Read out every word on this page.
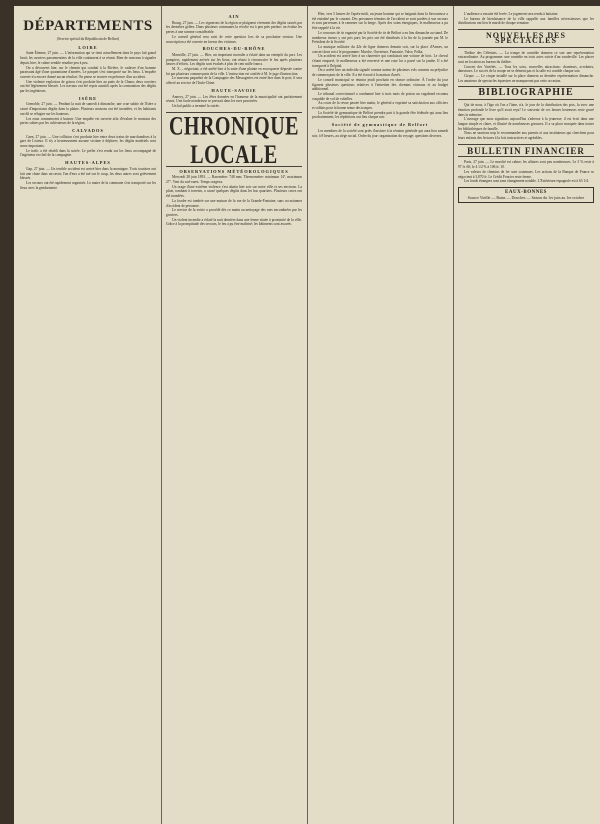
DÉPARTEMENTS
(Service spécial du Républicain de Belfort)
LOIRE

Saint-Étienne, 27 juin. — L'information qui se tient actuellement dans le pays fait grand bruit; les ouvriers passementiers de la ville continuent à se réunir. Rien de nouveau à signaler depuis hier; le calme semble renaître peu à peu.

On a découvert hier, sur le chemin qui conduit à la Rivière, le cadavre d'un homme paraissant âgé d'une quarantaine d'années. Le parquet s'est transporté sur les lieux. L'enquête ouverte n'a encore donné aucun résultat. On pense se trouver en présence d'un accident.

Une violente explosion de grisou s'est produite hier au puits de la Chana; deux ouvriers ont été légèrement blessés. Les travaux ont été repris aussitôt après la constatation des dégâts par les ingénieurs.

ISÈRE

Grenoble, 27 juin. — Pendant la nuit de samedi à dimanche, une crue subite de l'Isère a causé d'importants dégâts dans la plaine. Plusieurs maisons ont été inondées, et les habitants ont dû se réfugier sur les hauteurs.

Les eaux commencent à baisser. Une enquête est ouverte afin d'évaluer le montant des pertes subies par les cultivateurs de la région.

CALVADOS

Caen, 27 juin. — Une collision s'est produite hier entre deux trains de marchandises à la gare de Lisieux. Il n'y a heureusement aucune victime à déplorer; les dégâts matériels sont assez importants.

Le trafic a été rétabli dans la soirée. Le préfet s'est rendu sur les lieux accompagné de l'ingénieur en chef de la compagnie.

HAUTES-ALPES

Gap, 27 juin. — Un terrible accident est arrivé hier dans la montagne. Trois touristes ont fait une chute dans un ravin; l'un d'eux a été tué sur le coup, les deux autres sont grièvement blessés.

Les secours ont été rapidement organisés. Le maire de la commune s'est transporté sur les lieux avec la gendarmerie.

AIN

Bourg, 27 juin. — Les vignerons de la région se plaignent vivement des dégâts causés par les dernières gelées. Dans plusieurs communes la récolte est à peu près perdue; on évalue les pertes à une somme considérable.

Le conseil général sera saisi de cette question lors de sa prochaine session. Une souscription a été ouverte en faveur des victimes.

BOUCHES-DU-RHÔNE

Marseille, 27 juin. — Hier, un important incendie a éclaté dans un entrepôt du port. Les pompiers, rapidement arrivés sur les lieux, ont réussi à circonscrire le feu après plusieurs heures d'efforts. Les dégâts sont évalués à plus de cent mille francs.

M. X..., négociant, a été arrêté hier à la suite d'une plainte en escroquerie déposée contre lui par plusieurs commerçants de la ville. L'instruction est confiée à M. le juge d'instruction.

Le nouveau paquebot de la Compagnie des Messageries est entré hier dans le port; il sera affecté au service de l'Indo-Chine.

HAUTE-SAVOIE

Annecy, 27 juin. — Les fêtes données en l'honneur de la municipalité ont parfaitement réussi. Une foule nombreuse se pressait dans les rues pavoisées.

Un bal public a terminé la soirée.

CHRONIQUE LOCALE
OBSERVATIONS MÉTÉOROLOGIQUES

Mercredi 28 juin 1893. — Baromètre: 748 mm. Thermomètre: minimum 14°, maximum 27°. Vent du sud-ouest. Temps orageux.

Un orage d'une extrême violence s'est abattu hier soir sur notre ville et ses environs. La pluie, tombant à torrents, a causé quelques dégâts dans les bas quartiers. Plusieurs caves ont été inondées.

La foudre est tombée sur une maison de la rue de la Grande-Fontaine, sans occasionner d'accident de personne.

Le service de la voirie a procédé dès ce matin au nettoyage des rues encombrées par les graviers.

Un violent incendie a éclaté la nuit dernière dans une ferme située à proximité de la ville. Grâce à la promptitude des secours, le feu a pu être maîtrisé; les bâtiments sont assurés.

Hier, vers 5 heures de l'après-midi, un jeune homme qui se baignait dans la Savoureuse a été entraîné par le courant. Des personnes témoins de l'accident se sont portées à son secours et sont parvenues à le ramener sur la berge. Après des soins énergiques, le malheureux a pu être rappelé à la vie.

Le concours de tir organisé par la Société de tir de Belfort a eu lieu dimanche au stand. De nombreux tireurs y ont pris part; les prix ont été distribués à la fin de la journée par M. le Président de la Société.

La musique militaire du 42e de ligne donnera demain soir, sur la place d'Armes, un concert dont voici le programme: Marche, Ouverture, Fantaisie, Valse, Polka.

Un accident est arrivé hier à un charretier qui conduisait une voiture de bois. Le cheval s'étant emporté, le malheureux a été renversé et une roue lui a passé sur la jambe. Il a été transporté à l'hôpital.

On a arrêté hier un individu signalé comme auteur de plusieurs vols commis au préjudice de commerçants de la ville. Il a été écroué à la maison d'arrêt.

Le conseil municipal se réunira jeudi prochain en séance ordinaire. À l'ordre du jour figurent plusieurs questions relatives à l'entretien des chemins vicinaux et au budget additionnel.

Le tribunal correctionnel a condamné hier à trois mois de prison un vagabond reconnu coupable de vol de volailles.

Au cours de la revue passée hier matin, le général a exprimé sa satisfaction aux officiers et soldats pour la bonne tenue des troupes.

La Société de gymnastique de Belfort prendra part à la grande fête fédérale qui aura lieu prochainement; les répétitions ont lieu chaque soir.

Société de gymnastique de Belfort

Les membres de la société sont priés d'assister à la réunion générale qui aura lieu samedi soir, à 8 heures, au siège social. Ordre du jour: organisation du voyage; questions diverses.

L'audience a ensuite été levée. Le jugement sera rendu à huitaine.

Le bureau de bienfaisance de la ville rappelle aux familles nécessiteuses que les distributions ont lieu le mardi de chaque semaine.

NOUVELLES DES SPECTACLES

Théâtre des Célestins. — La troupe de comédie donnera ce soir une représentation extraordinaire. Au programme: une comédie en trois actes suivie d'un vaudeville. Les places sont en location au bureau du théâtre.

Concert des Variétés. — Tous les soirs, nouvelles attractions: chanteurs, acrobates, danseuses. Le succès de la troupe ne se dément pas et la salle est comble chaque soir.

Cirque. — Le cirque installé sur la place donnera sa dernière représentation dimanche. Les amateurs de spectacles équestres ne manqueront pas cette occasion.

BIBLIOGRAPHIE

Qui de nous, à l'âge où l'on a l'âme, n'a, le jour de la distribution des prix, lu avec une émotion profonde le livre qu'il avait reçu? Le souvenir de ces heures heureuses reste gravé dans la mémoire.

L'ouvrage que nous signalons aujourd'hui s'adresse à la jeunesse; il est écrit dans une langue simple et claire, et illustré de nombreuses gravures. Il a sa place marquée dans toutes les bibliothèques de famille.

Nous ne saurions trop le recommander aux parents et aux instituteurs qui cherchent pour leurs enfants des lectures à la fois instructives et agréables.

BULLETIN FINANCIER

Paris, 27 juin. — Le marché est calme; les affaires sont peu nombreuses. Le 3 % reste à 97 fr. 60; le 4 1/2 % à 106 fr. 10.

Les valeurs de chemins de fer sont soutenues. Les actions de la Banque de France se négocient à 3,870 fr. Le Crédit Foncier reste ferme.

Les fonds étrangers sont sans changement notable. L'Extérieure espagnole est à 63 1/4.

EAUX-BONNES
Source Vieille — Bains — Douches — Saison du 1er juin au 1er octobre
